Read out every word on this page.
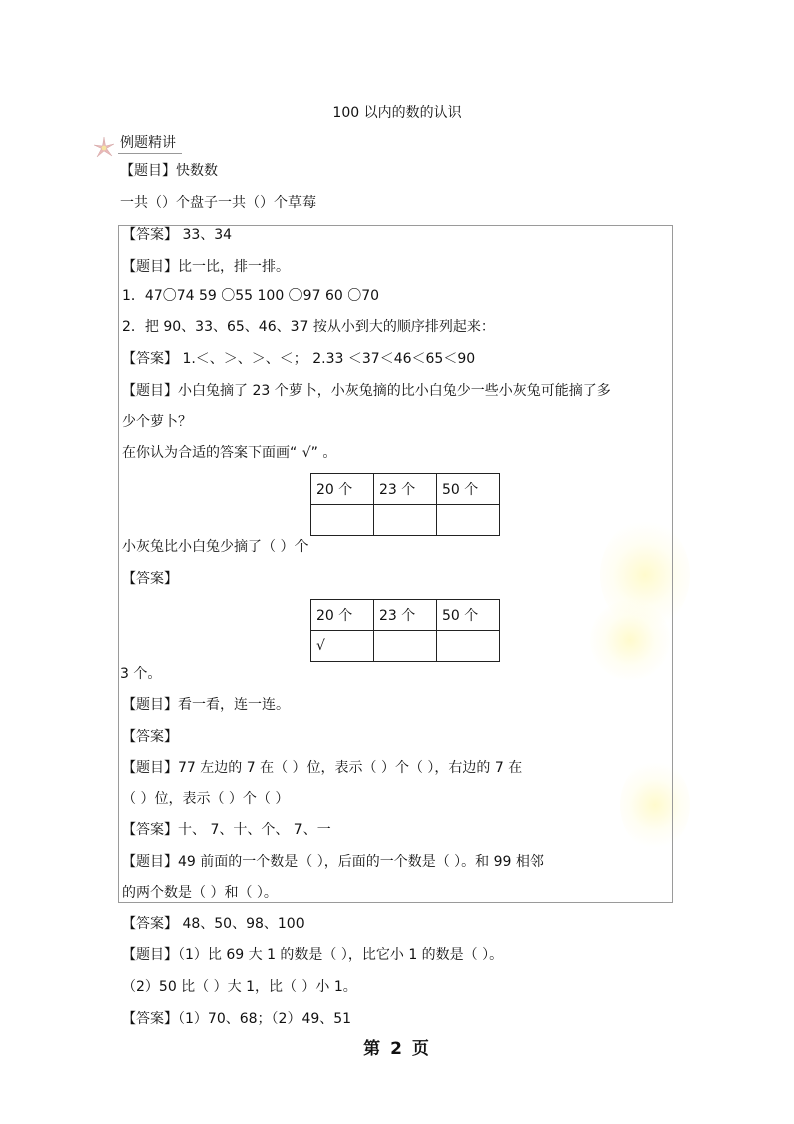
100 以内的数的认识
例题精讲
【题目】快数数
一共（）个盘子一共（）个草莓
【答案】 33、34
【题目】比一比，排一排。
1．47〇74 59 〇55 100 〇97 60 〇70
2．把 90、33、65、46、37 按从小到大的顺序排列起来：
【答案】 1.＜、＞、＞、＜； 2.33 ＜37＜46＜65＜90
【题目】小白兔摘了 23 个萝卜，小灰兔摘的比小白兔少一些小灰兔可能摘了多
少个萝卜？
在你认为合适的答案下面画“ √” 。
20 个	23 个	50 个

小灰兔比小白兔少摘了（ ）个
【答案】
20 个	23 个	50 个
√		
3 个。
【题目】看一看，连一连。
【答案】
【题目】77 左边的 7 在（ ）位，表示（ ）个（ ），右边的 7 在
（ ）位，表示（ ）个（ ）
【答案】十、 7、十、个、 7、一
【题目】49 前面的一个数是（ ），后面的一个数是（ ）。和 99 相邻
的两个数是（ ）和（ ）。
【答案】 48、50、98、100
【题目】（1）比 69 大 1 的数是（ ），比它小 1 的数是（ ）。
（2）50 比（ ）大 1，比（ ）小 1。
【答案】（1）70、68；（2）49、51
第 2 页
